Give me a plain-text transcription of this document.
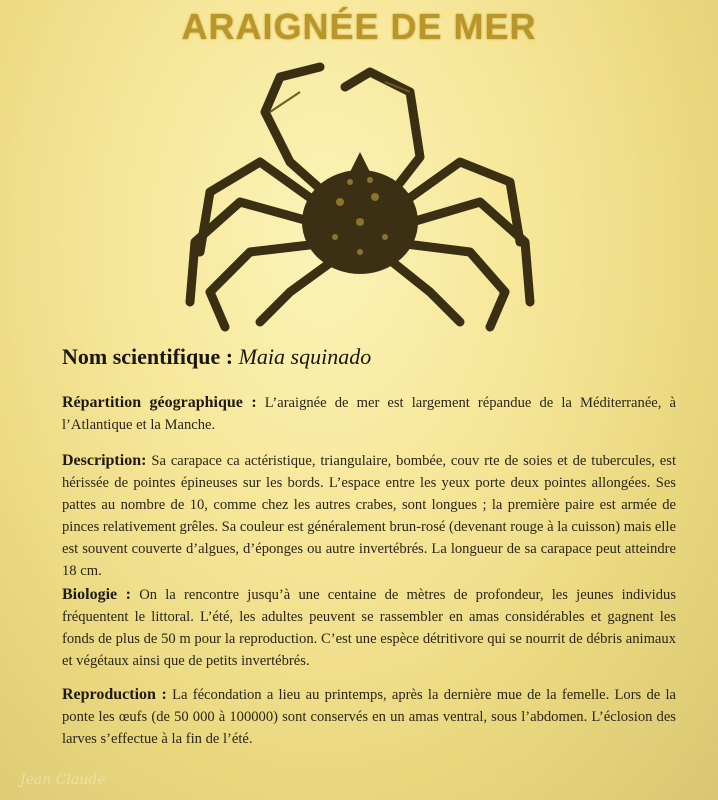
ARAIGNÉE DE MER
Nom scientifique : Maia squinado
Répartition géographique : L’araignée de mer est largement répandue de la Méditerranée, à l’Atlantique et la Manche.
Description: Sa carapace ca actéristique, triangulaire, bombée, couv rte de soies et de tubercules, est hérissée de pointes épineuses sur les bords. L’espace entre les yeux porte deux pointes allongées. Ses pattes au nombre de 10, comme chez les autres crabes, sont longues ; la première paire est armée de pinces relativement grêles. Sa couleur est généralement brun-rosé (devenant rouge à la cuisson) mais elle est souvent couverte d’algues, d’éponges ou autre invertébrés. La longueur de sa carapace peut atteindre 18 cm.
Biologie : On la rencontre jusqu’à une centaine de mètres de profondeur, les jeunes individus fréquentent le littoral. L’été, les adultes peuvent se rassembler en amas considérables et gagnent les fonds de plus de 50 m pour la reproduction. C’est une espèce détritivore qui se nourrit de débris animaux et végétaux ainsi que de petits invertébrés.
Reproduction : La fécondation a lieu au printemps, après la dernière mue de la femelle. Lors de la ponte les œufs (de 50 000 à 100000) sont conservés en un amas ventral, sous l’abdomen. L’éclosion des larves s’effectue à la fin de l’été.
Jean Claude
